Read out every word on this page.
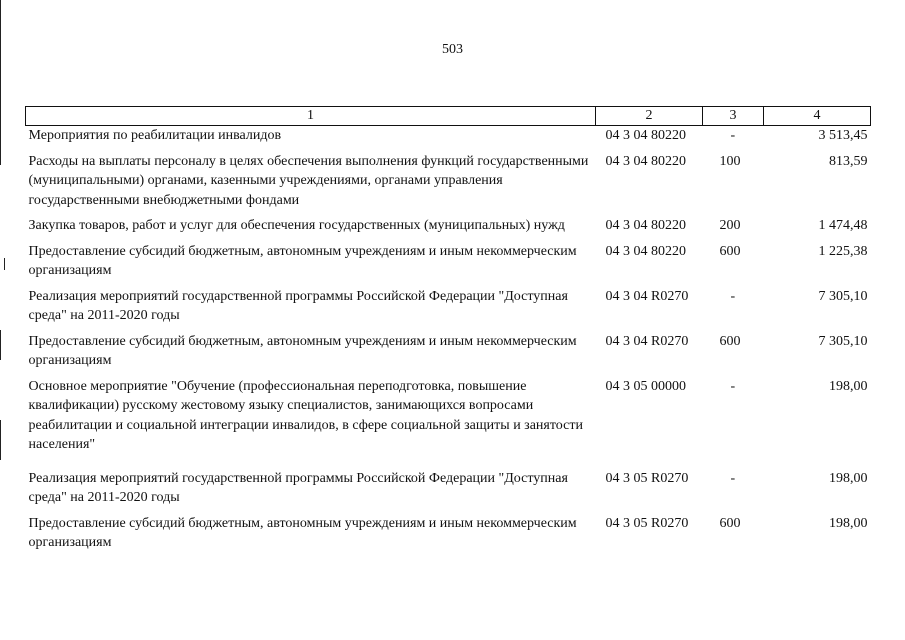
503
1	2	3	4
Мероприятия по реабилитации инвалидов	04 3 04 80220	-	3 513,45
Расходы на выплаты персоналу в целях обеспечения выполнения функций государственными (муниципальными) органами, казенными учреждениями, органами управления государственными внебюджетными фондами	04 3 04 80220	100	813,59
Закупка товаров, работ и услуг для обеспечения государственных (муниципальных) нужд	04 3 04 80220	200	1 474,48
Предоставление субсидий бюджетным, автономным учреждениям и иным некоммерческим организациям	04 3 04 80220	600	1 225,38
Реализация мероприятий государственной программы Российской Федерации "Доступная среда" на 2011-2020 годы	04 3 04 R0270	-	7 305,10
Предоставление субсидий бюджетным, автономным учреждениям и иным некоммерческим организациям	04 3 04 R0270	600	7 305,10
Основное мероприятие "Обучение (профессиональная переподготовка, повышение квалификации) русскому жестовому языку специалистов, занимающихся вопросами реабилитации и социальной интеграции инвалидов, в сфере социальной защиты и занятости населения"	04 3 05 00000	-	198,00
Реализация мероприятий государственной программы Российской Федерации "Доступная среда" на 2011-2020 годы	04 3 05 R0270	-	198,00
Предоставление субсидий бюджетным, автономным учреждениям и иным некоммерческим организациям	04 3 05 R0270	600	198,00
